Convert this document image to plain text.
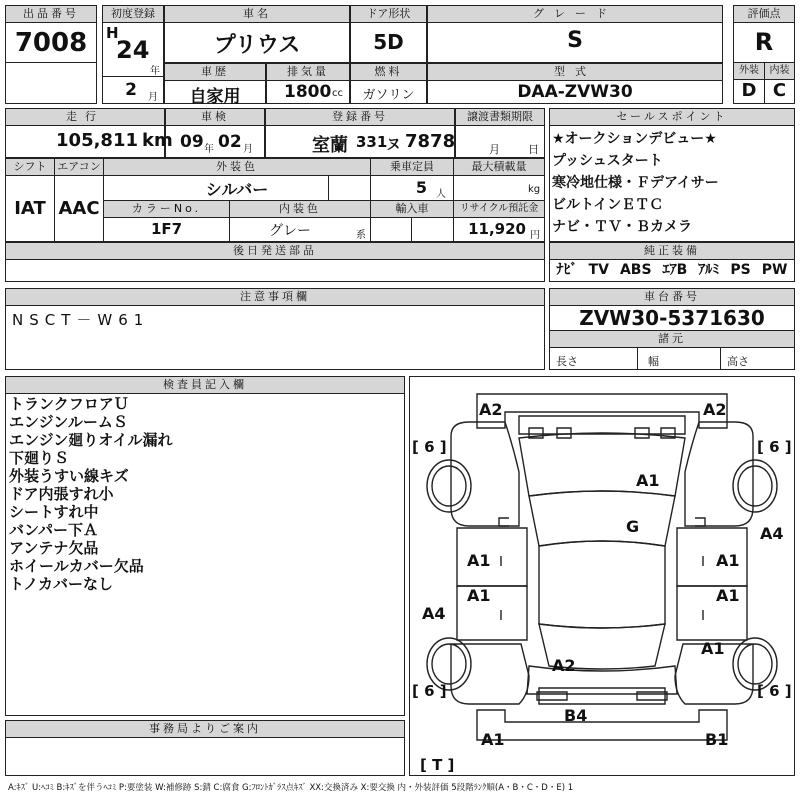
出品番号
7008
初度登録
H
24
年
2 月
車名
プリウス
ドア形状
5D
グレード
S
評価点
R
外装	内装
D C
車歴
自家用
排気量
1800 cc
燃料
ガソリン
型式
DAA-ZVW30
走行
105,811 km
車検
09 年 02 月
登録番号
室蘭 331
ヌ 7878
譲渡書類期限
月	日
シフト エアコン
IAT AAC
外装色
シルバー
乗車定員
5 人
最大積載量
kg
カラーNo.
1F7
内装色
グレー	系
輸入車	リサイクル預託金
11,920 円
後日発送部品
セールスポイント
★オークションデビュー★
プッシュスタート
寒冷地仕様・Ｆデアイサー
ビルトインＥＴＣ
ナビ・ＴＶ・Ｂカメラ
純正装備
ﾅﾋﾞ TV ABS ｴｱB ｱﾙﾐ PS PW
注意事項欄
NSCT－W61
車台番号
ZVW30-5371630
諸元
長さ	幅	高さ
検査員記入欄
トランクフロアＵ
エンジンルームＳ
エンジン廻りオイル漏れ
下廻りＳ
外装うすい線キズ
ドア内張すれ小
シートすれ中
バンパー下Ａ
アンテナ欠品
ホイールカバー欠品
トノカバーなし
事務局よりご案内
[ 6 ]	[ 6 ]
[ 6 ]	[ 6 ]
[ T ]
A2	A2
A1
G	A4
A1	A1
A1	A1
A4
A1
A2
B4
A1	B1
A:ｷｽﾞ U:ﾍｺﾐ B:ｷｽﾞを伴うﾍｺﾐ P:要塗装 W:補修跡 S:錆 C:腐食 G:ﾌﾛﾝﾄｶﾞﾗｽ点ｷｽﾞ XX:交換済み X:要交換 内・外装評価 5段階ﾗﾝｸ順(A・B・C・D・E) 1
